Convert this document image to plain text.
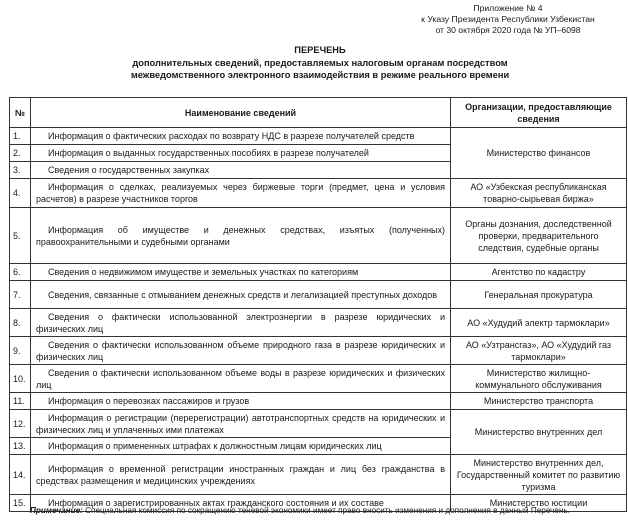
Приложение № 4
к Указу Президента Республики Узбекистан
от 30 октября 2020 года № УП–6098
ПЕРЕЧЕНЬ
дополнительных сведений, предоставляемых налоговым органам посредством
межведомственного электронного взаимодействия в режиме реального времени
№	Наименование сведений	Организации, предоставляющие сведения
1.	Информация о фактических расходах по возврату НДС в разрезе получателей средств	Министерство финансов
2.	Информация о выданных государственных пособиях в разрезе получателей	
3.	Сведения о государственных закупках	
4.	Информация о сделках, реализуемых через биржевые торги (предмет, цена и условия расчетов) в разрезе участников торгов	АО «Узбекская республиканская товарно-сырьевая биржа»
5.	Информация об имуществе и денежных средствах, изъятых (полученных) правоохранительными и судебными органами	Органы дознания, доследственной проверки, предварительного следствия, судебные органы
6.	Сведения о недвижимом имуществе и земельных участках по категориям	Агентство по кадастру
7.	Сведения, связанные с отмыванием денежных средств и легализацией преступных доходов	Генеральная прокуратура
8.	Сведения о фактически использованной электроэнергии в разрезе юридических и физических лиц	АО «Худудий электр тармоклари»
9.	Сведения о фактически использованном объеме природного газа в разрезе юридических и физических лиц	АО «Узтрансгаз», АО «Худудий газ тармоклари»
10.	Сведения о фактически использованном объеме воды в разрезе юридических и физических лиц	Министерство жилищно-коммунального обслуживания
11.	Информация о перевозках пассажиров и грузов	Министерство транспорта
12.	Информация о регистрации (перерегистрации) автотранспортных средств на юридических и физических лиц и уплаченных ими платежах	Министерство внутренних дел
13.	Информация о примененных штрафах к должностным лицам юридических лиц	
14.	Информация о временной регистрации иностранных граждан и лиц без гражданства в средствах размещения и медицинских учреждениях	Министерство внутренних дел, Государственный комитет по развитию туризма
15.	Информация о зарегистрированных актах гражданского состояния и их составе	Министерство юстиции
Примечание: Специальная комиссия по сокращению теневой экономики имеет право вносить изменения и дополнения в данный Перечень.
